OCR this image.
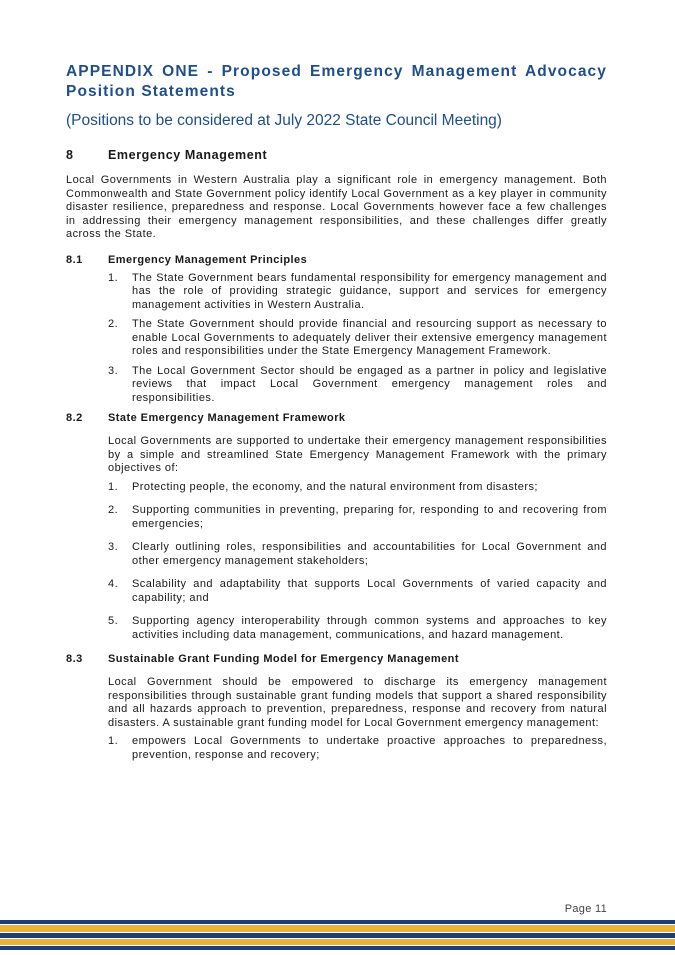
APPENDIX ONE - Proposed Emergency Management Advocacy Position Statements

(Positions to be considered at July 2022 State Council Meeting)

8	Emergency Management

Local Governments in Western Australia play a significant role in emergency management. Both Commonwealth and State Government policy identify Local Government as a key player in community disaster resilience, preparedness and response. Local Governments however face a few challenges in addressing their emergency management responsibilities, and these challenges differ greatly across the State.

8.1	Emergency Management Principles
1.	The State Government bears fundamental responsibility for emergency management and has the role of providing strategic guidance, support and services for emergency management activities in Western Australia.
2.	The State Government should provide financial and resourcing support as necessary to enable Local Governments to adequately deliver their extensive emergency management roles and responsibilities under the State Emergency Management Framework.
3.	The Local Government Sector should be engaged as a partner in policy and legislative reviews that impact Local Government emergency management roles and responsibilities.
8.2	State Emergency Management Framework

Local Governments are supported to undertake their emergency management responsibilities by a simple and streamlined State Emergency Management Framework with the primary objectives of:

1.	Protecting people, the economy, and the natural environment from disasters;
2.	Supporting communities in preventing, preparing for, responding to and recovering from emergencies;
3.	Clearly outlining roles, responsibilities and accountabilities for Local Government and other emergency management stakeholders;
4.	Scalability and adaptability that supports Local Governments of varied capacity and capability; and
5.	Supporting agency interoperability through common systems and approaches to key activities including data management, communications, and hazard management.
8.3	Sustainable Grant Funding Model for Emergency Management

Local Government should be empowered to discharge its emergency management responsibilities through sustainable grant funding models that support a shared responsibility and all hazards approach to prevention, preparedness, response and recovery from natural disasters. A sustainable grant funding model for Local Government emergency management:

1.	empowers Local Governments to undertake proactive approaches to preparedness, prevention, response and recovery;
Page 11
